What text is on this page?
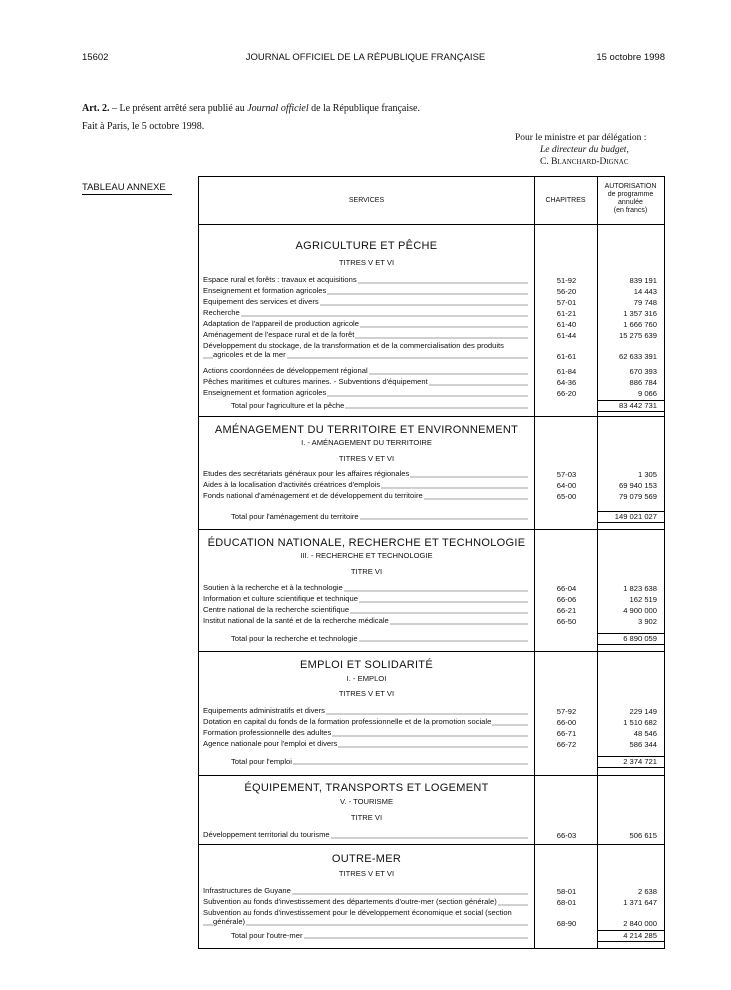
15602	JOURNAL OFFICIEL DE LA RÉPUBLIQUE FRANÇAISE	15 octobre 1998
Art. 2. – Le présent arrêté sera publié au Journal officiel de la République française.
Fait à Paris, le 5 octobre 1998.
Pour le ministre et par délégation :
Le directeur du budget,
C. Blanchard-Dignac
TABLEAU ANNEXE
SERVICES	CHAPITRES
AUTORISATION
de programme
annulée
(en francs)
AGRICULTURE ET PÊCHE
TITRES V ET VI
Espace rural et forêts : travaux et acquisitions	51-92	839 191
Enseignement et formation agricoles	56-20	14 443
Equipement des services et divers	57-01	79 748
Recherche	61-21	1 357 316
Adaptation de l'appareil de production agricole	61-40	1 666 760
Aménagement de l'espace rural et de la forêt	61-44	15 275 639
Développement du stockage, de la transformation et de la commercialisation des produits
agricoles et de la mer	61-61	62 633 391
Actions coordonnées de développement régional	61-84	670 393
Pêches maritimes et cultures marines. - Subventions d'équipement	64-36	886 784
Enseignement et formation agricoles	66-20	9 066
Total pour l'agriculture et la pêche	83 442 731
AMÉNAGEMENT DU TERRITOIRE ET ENVIRONNEMENT
I. - AMÉNAGEMENT DU TERRITOIRE
TITRES V ET VI
Etudes des secrétariats généraux pour les affaires régionales	57-03	1 305
Aides à la localisation d'activités créatrices d'emplois	64-00	69 940 153
Fonds national d'aménagement et de développement du territoire	65-00	79 079 569
Total pour l'aménagement du territoire	149 021 027
ÉDUCATION NATIONALE, RECHERCHE ET TECHNOLOGIE
III. - RECHERCHE ET TECHNOLOGIE
TITRE VI
Soutien à la recherche et à la technologie	66-04	1 823 638
Information et culture scientifique et technique	66-06	162 519
Centre national de la recherche scientifique	66-21	4 900 000
Institut national de la santé et de la recherche médicale	66-50	3 902
Total pour la recherche et technologie	6 890 059
EMPLOI ET SOLIDARITÉ
I. - EMPLOI
TITRES V ET VI
Equipements administratifs et divers	57-92	229 149
Dotation en capital du fonds de la formation professionnelle et de la promotion sociale	66-00	1 510 682
Formation professionnelle des adultes	66-71	48 546
Agence nationale pour l'emploi et divers	66-72	586 344
Total pour l'emploi	2 374 721
ÉQUIPEMENT, TRANSPORTS ET LOGEMENT
V. - TOURISME
TITRE VI
Développement territorial du tourisme	66-03	506 615
OUTRE-MER
TITRES V ET VI
Infrastructures de Guyane	58-01	2 638
Subvention au fonds d'investissement des départements d'outre-mer (section générale)	68-01	1 371 647
Subvention au fonds d'investissement pour le développement économique et social (section
générale)	68-90	2 840 000
Total pour l'outre-mer	4 214 285
